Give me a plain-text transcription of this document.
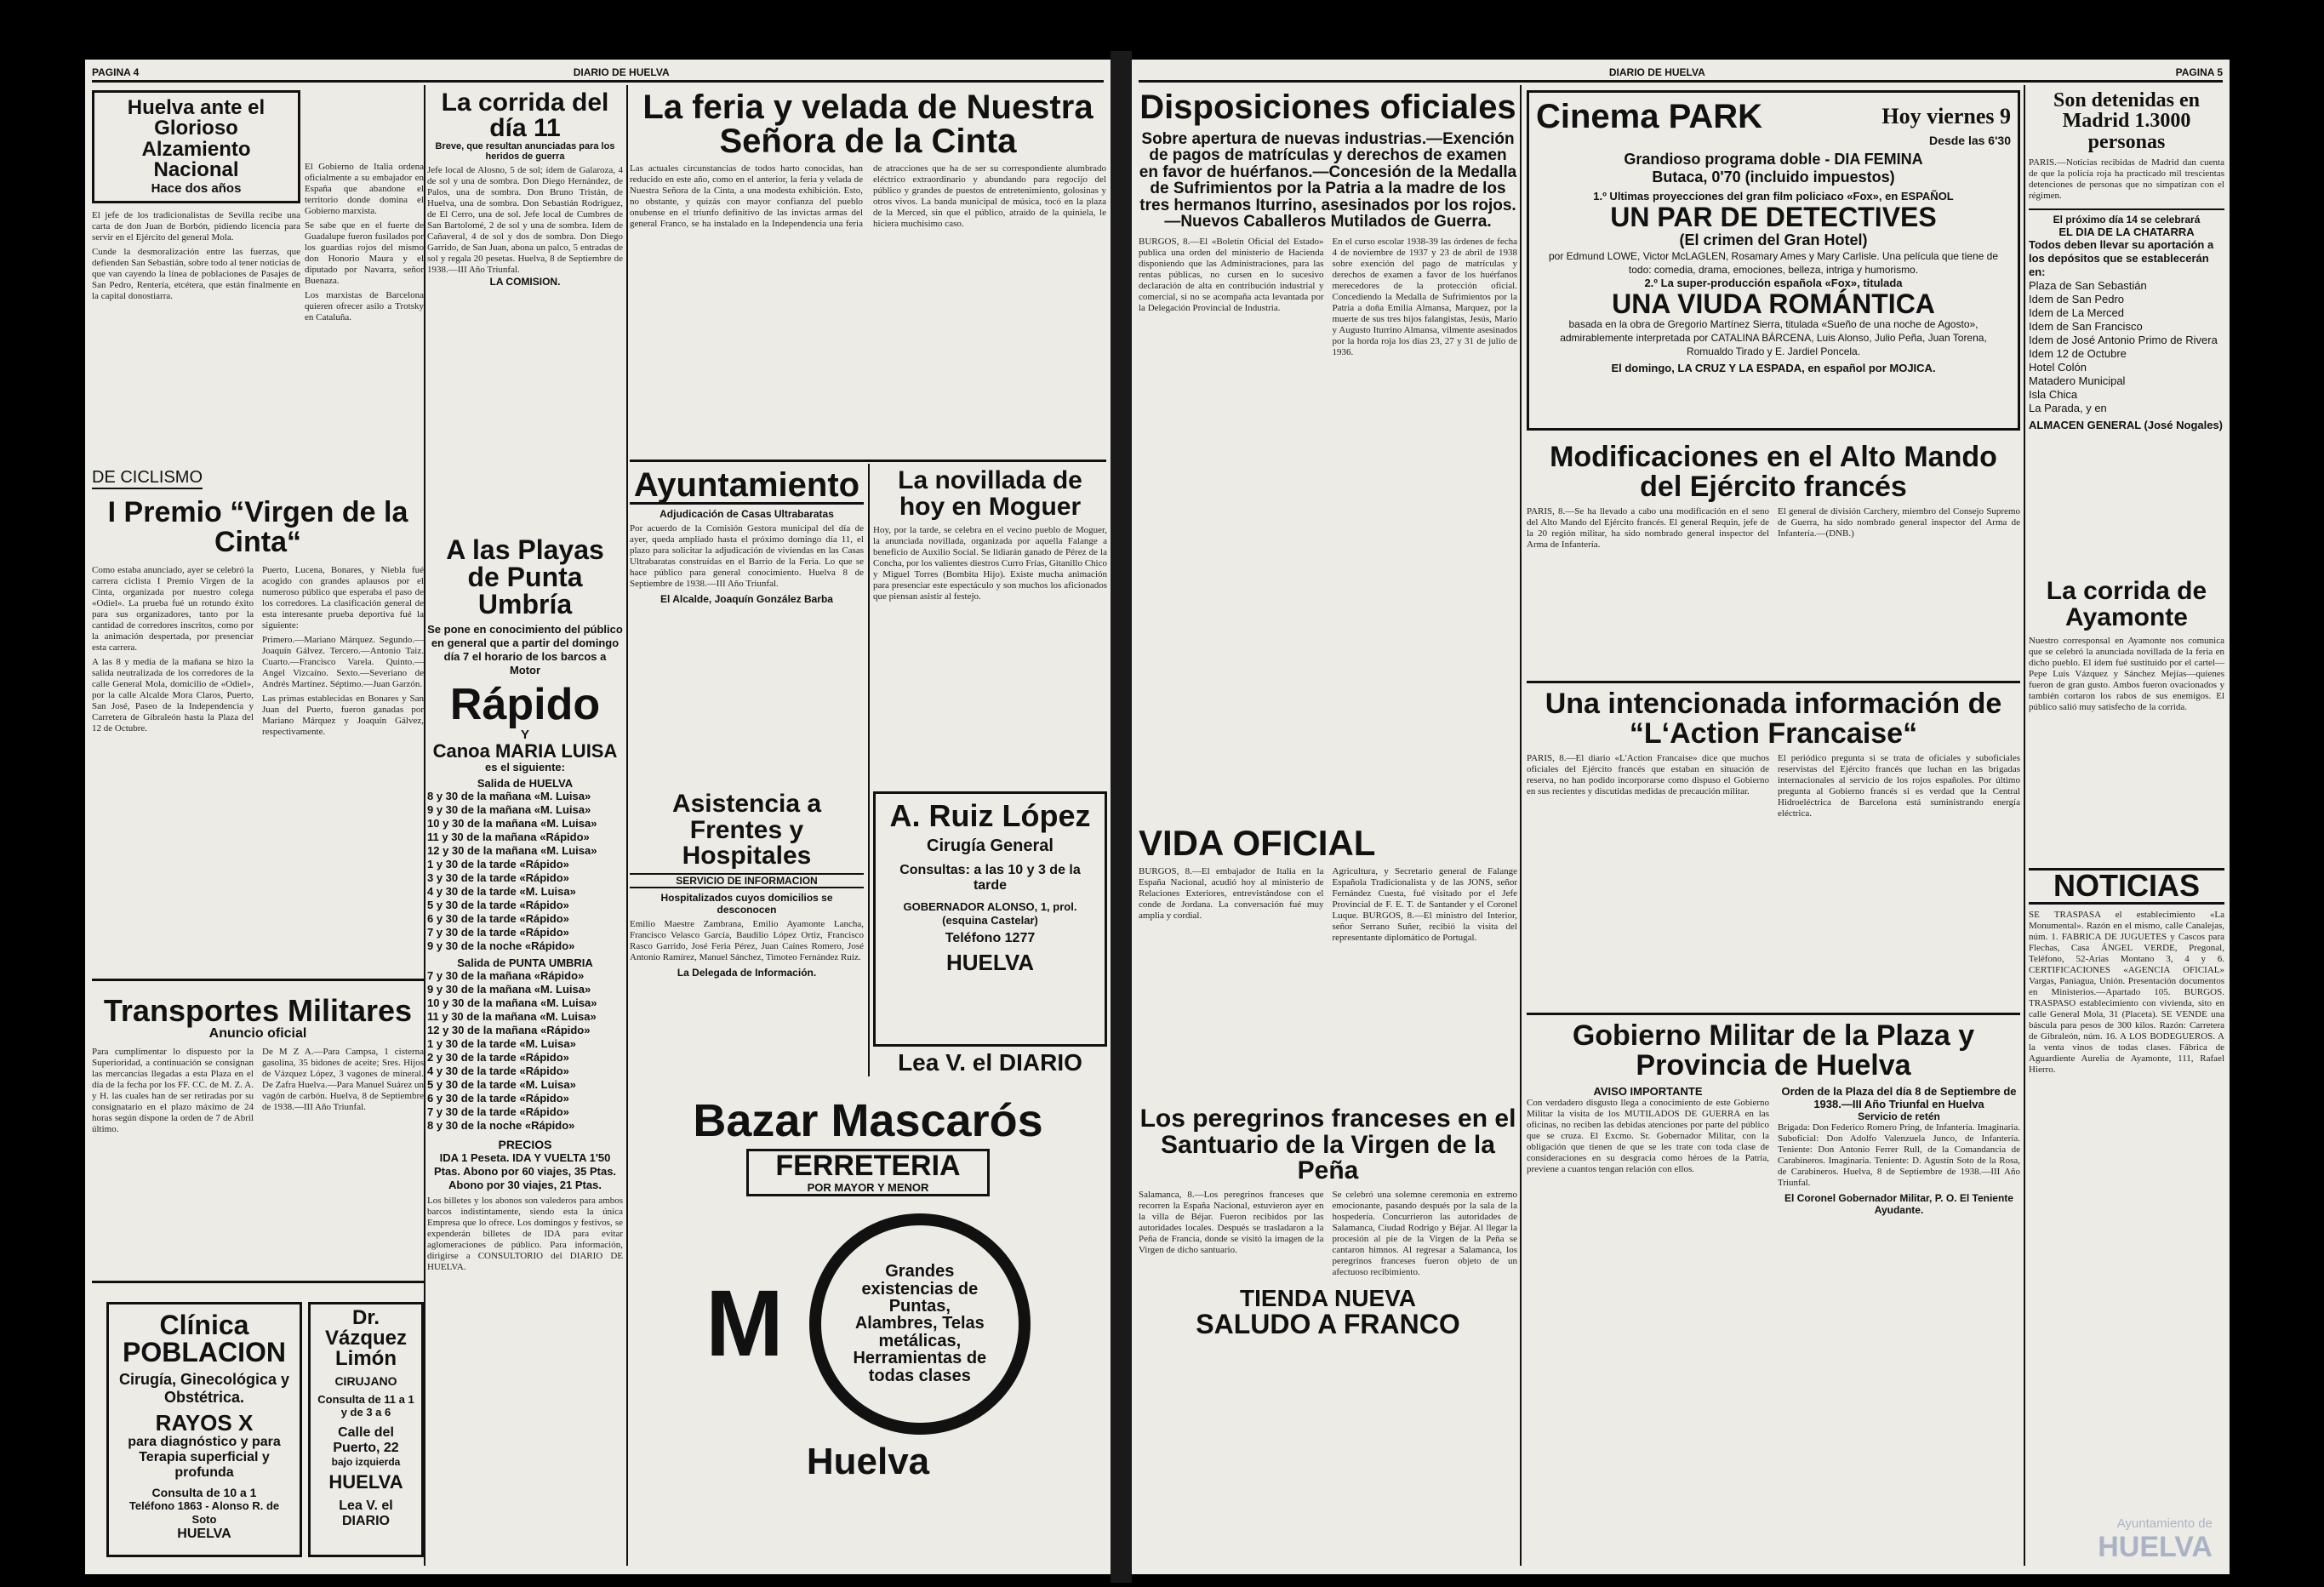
PAGINA 4	DIARIO DE HUELVA
Huelva ante el Glorioso Alzamiento Nacional
Hace dos años
El jefe de los tradicionalistas de Sevilla recibe una carta de don Juan de Borbón, pidiendo licencia para servir en el Ejército del general Mola.
Cunde la desmoralización entre las fuerzas, que defienden San Sebastián, sobre todo al tener noticias de que van cayendo la línea de poblaciones de Pasajes de San Pedro, Rentería, etcétera, que están finalmente en la capital donostiarra.
El Gobierno de Italia ordena oficialmente a su embajador en España que abandone el territorio donde domina el Gobierno marxista.
Se sabe que en el fuerte de Guadalupe fueron fusilados por los guardias rojos del mismo don Honorio Maura y el diputado por Navarra, señor Buenaza.
Los marxistas de Barcelona quieren ofrecer asilo a Trotsky en Cataluña.
La corrida del día 11
Breve, que resultan anunciadas para los heridos de guerra
Jefe local de Alosno, 5 de sol; ídem de Galaroza, 4 de sol y una de sombra. Don Diego Hernández, de Palos, una de sombra. Don Bruno Tristán, de Huelva, una de sombra. Don Sebastián Rodríguez, de El Cerro, una de sol. Jefe local de Cumbres de San Bartolomé, 2 de sol y una de sombra. Idem de Cañaveral, 4 de sol y dos de sombra. Don Diego Garrido, de San Juan, abona un palco, 5 entradas de sol y regala 20 pesetas. Huelva, 8 de Septiembre de 1938.—III Año Triunfal.
LA COMISION.
La feria y velada de Nuestra Señora de la Cinta
Las actuales circunstancias de todos harto conocidas, han reducido en este año, como en el anterior, la feria y velada de Nuestra Señora de la Cinta, a una modesta exhibición. Esto, no obstante, y quizás con mayor confianza del pueblo onubense en el triunfo definitivo de las invictas armas del general Franco, se ha instalado en la Independencia una feria de atracciones que ha de ser su correspondiente alumbrado eléctrico extraordinario y abundando para regocijo del público y grandes de puestos de entretenimiento, golosinas y otros vivos. La banda municipal de música, tocó en la plaza de la Merced, sin que el público, atraído de la quiniela, le hiciera muchísimo caso.
DE CICLISMO
I Premio “Virgen de la Cinta“
Como estaba anunciado, ayer se celebró la carrera ciclista I Premio Virgen de la Cinta, organizada por nuestro colega «Odiel». La prueba fué un rotundo éxito para sus organizadores, tanto por la cantidad de corredores inscritos, como por la animación despertada, por presenciar esta carrera.
A las 8 y media de la mañana se hizo la salida neutralizada de los corredores de la calle General Mola, domicilio de «Odiel», por la calle Alcalde Mora Claros, Puerto, San José, Paseo de la Independencia y Carretera de Gibraleón hasta la Plaza del 12 de Octubre.
Puerto, Lucena, Bonares, y Niebla fué acogido con grandes aplausos por el numeroso público que esperaba el paso de los corredores. La clasificación general de esta interesante prueba deportiva fué la siguiente:
Primero.—Mariano Márquez. Segundo.—Joaquín Gálvez. Tercero.—Antonio Taiz. Cuarto.—Francisco Varela. Quinto.—Angel Vizcaíno. Sexto.—Severiano de Andrés Martínez. Séptimo.—Juan Garzón.
Las primas establecidas en Bonares y San Juan del Puerto, fueron ganadas por Mariano Márquez y Joaquín Gálvez, respectivamente.
A las Playas de Punta Umbría
Se pone en conocimiento del público en general que a partir del domingo día 7 el horario de los barcos a Motor
Rápido
Y
Canoa MARIA LUISA
es el siguiente:
Salida de HUELVA
8 y 30 de la mañana «M. Luisa»
9 y 30 de la mañana «M. Luisa»
10 y 30 de la mañana «M. Luisa»
11 y 30 de la mañana «Rápido»
12 y 30 de la mañana «M. Luisa»
1 y 30 de la tarde «Rápido»
3 y 30 de la tarde «Rápido»
4 y 30 de la tarde «M. Luisa»
5 y 30 de la tarde «Rápido»
6 y 30 de la tarde «Rápido»
7 y 30 de la tarde «Rápido»
9 y 30 de la noche «Rápido»
Salida de PUNTA UMBRIA
7 y 30 de la mañana «Rápido»
9 y 30 de la mañana «M. Luisa»
10 y 30 de la mañana «M. Luisa»
11 y 30 de la mañana «M. Luisa»
12 y 30 de la mañana «Rápido»
1 y 30 de la tarde «M. Luisa»
2 y 30 de la tarde «Rápido»
4 y 30 de la tarde «Rápido»
5 y 30 de la tarde «M. Luisa»
6 y 30 de la tarde «Rápido»
7 y 30 de la tarde «Rápido»
8 y 30 de la noche «Rápido»
PRECIOS
IDA 1 Peseta. IDA Y VUELTA 1'50 Ptas. Abono por 60 viajes, 35 Ptas. Abono por 30 viajes, 21 Ptas.
Los billetes y los abonos son valederos para ambos barcos indistintamente, siendo esta la única Empresa que lo ofrece. Los domingos y festivos, se expenderán billetes de IDA para evitar aglomeraciones de público. Para información, dirigirse a CONSULTORIO del DIARIO DE HUELVA.
Ayuntamiento
Adjudicación de Casas Ultrabaratas
Por acuerdo de la Comisión Gestora municipal del día de ayer, queda ampliado hasta el próximo domingo día 11, el plazo para solicitar la adjudicación de viviendas en las Casas Ultrabaratas construídas en el Barrio de la Feria. Lo que se hace público para general conocimiento. Huelva 8 de Septiembre de 1938.—III Año Triunfal.
El Alcalde, Joaquín González Barba
La novillada de hoy en Moguer
Hoy, por la tarde, se celebra en el vecino pueblo de Moguer, la anunciada novillada, organizada por aquella Falange a beneficio de Auxilio Social. Se lidiarán ganado de Pérez de la Concha, por los valientes diestros Curro Frías, Gitanillo Chico y Miguel Torres (Bombita Hijo). Existe mucha animación para presenciar este espectáculo y son muchos los aficionados que piensan asistir al festejo.
Asistencia a Frentes y Hospitales
SERVICIO DE INFORMACION
Hospitalizados cuyos domicilios se desconocen
Emilio Maestre Zambrana, Emilio Ayamonte Lancha, Francisco Velasco García, Baudilio López Ortiz, Francisco Rasco Garrido, José Feria Pérez, Juan Caínes Romero, José Antonio Ramírez, Manuel Sánchez, Timoteo Fernández Ruiz.
La Delegada de Información.
A. Ruiz López
Cirugía General
Consultas: a las 10 y 3 de la tarde
GOBERNADOR ALONSO, 1, prol. (esquina Castelar)
Teléfono 1277
HUELVA
Lea V. el DIARIO
Bazar Mascarós
FERRETERIA
POR MAYOR Y MENOR
M	Grandes existencias de Puntas, Alambres, Telas metálicas, Herramientas de todas clases
Huelva
Transportes Militares
Anuncio oficial
Para cumplimentar lo dispuesto por la Superioridad, a continuación se consignan las mercancías llegadas a esta Plaza en el día de la fecha por los FF. CC. de M. Z. A. y H. las cuales han de ser retiradas por su consignatario en el plazo máximo de 24 horas según dispone la orden de 7 de Abril último.
De M Z A.—Para Campsa, 1 cisterna gasolina, 35 bidones de aceite; Sres. Hijos de Vázquez López, 3 vagones de mineral. De Zafra Huelva.—Para Manuel Suárez un vagón de carbón. Huelva, 8 de Septiembre de 1938.—III Año Triunfal.
Clínica POBLACION
Cirugía, Ginecológica y Obstétrica.
RAYOS X
para diagnóstico y para Terapia superficial y profunda
Consulta de 10 a 1
Teléfono 1863 - Alonso R. de Soto
HUELVA
Dr. Vázquez Limón
CIRUJANO
Consulta de 11 a 1 y de 3 a 6
Calle del Puerto, 22
bajo izquierda
HUELVA
Lea V. el DIARIO
DIARIO DE HUELVA	PAGINA 5
Disposiciones oficiales
Sobre apertura de nuevas industrias.—Exención de pagos de matrículas y derechos de examen en favor de huérfanos.—Concesión de la Medalla de Sufrimientos por la Patria a la madre de los tres hermanos Iturrino, asesinados por los rojos.—Nuevos Caballeros Mutilados de Guerra.
BURGOS, 8.—El «Boletín Oficial del Estado» publica una orden del ministerio de Hacienda disponiendo que las Administraciones, para las rentas públicas, no cursen en lo sucesivo declaración de alta en contribución industrial y comercial, si no se acompaña acta levantada por la Delegación Provincial de Industria.
En el curso escolar 1938-39 las órdenes de fecha 4 de noviembre de 1937 y 23 de abril de 1938 sobre exención del pago de matrículas y derechos de examen a favor de los huérfanos merecedores de la protección oficial. Concediendo la Medalla de Sufrimientos por la Patria a doña Emilia Almansa, Marquez, por la muerte de sus tres hijos falangistas, Jesús, Mario y Augusto Iturrino Almansa, vilmente asesinados por la horda roja los días 23, 27 y 31 de julio de 1936.
VIDA OFICIAL
BURGOS, 8.—El embajador de Italia en la España Nacional, acudió hoy al ministerio de Relaciones Exteriores, entrevistándose con el conde de Jordana. La conversación fué muy amplia y cordial.
Agricultura, y Secretario general de Falange Española Tradicionalista y de las JONS, señor Fernández Cuesta, fué visitado por el Jefe Provincial de F. E. T. de Santander y el Coronel Luque. BURGOS, 8.—El ministro del Interior, señor Serrano Suñer, recibió la visita del representante diplomático de Portugal.
Los peregrinos franceses en el Santuario de la Virgen de la Peña
Salamanca, 8.—Los peregrinos franceses que recorren la España Nacional, estuvieron ayer en la villa de Béjar. Fueron recibidos por las autoridades locales. Después se trasladaron a la Peña de Francia, donde se visitó la imagen de la Virgen de dicho santuario.
Se celebró una solemne ceremonia en extremo emocionante, pasando después por la sala de la hospedería. Concurrieron las autoridades de Salamanca, Ciudad Rodrigo y Béjar. Al llegar la procesión al pie de la Virgen de la Peña se cantaron himnos. Al regresar a Salamanca, los peregrinos franceses fueron objeto de un afectuoso recibimiento.
TIENDA NUEVA
SALUDO A FRANCO
Cinema PARK	Hoy viernes 9
Desde las 6'30
Grandioso programa doble - DIA FEMINA
Butaca, 0'70 (incluido impuestos)
1.º Ultimas proyecciones del gran film policiaco «Fox», en ESPAÑOL
UN PAR DE DETECTIVES
(El crimen del Gran Hotel)
por Edmund LOWE, Victor McLAGLEN, Rosamary Ames y Mary Carlisle. Una película que tiene de todo: comedia, drama, emociones, belleza, intriga y humorismo.
2.º La super-producción española «Fox», titulada
UNA VIUDA ROMÁNTICA
basada en la obra de Gregorio Martínez Sierra, titulada «Sueño de una noche de Agosto», admirablemente interpretada por CATALINA BÁRCENA, Luis Alonso, Julio Peña, Juan Torena, Romualdo Tirado y E. Jardiel Poncela.
El domingo, LA CRUZ Y LA ESPADA, en español por MOJICA.
Modificaciones en el Alto Mando del Ejército francés
PARIS, 8.—Se ha llevado a cabo una modificación en el seno del Alto Mando del Ejército francés. El general Requin, jefe de la 20 región militar, ha sido nombrado general inspector del Arma de Infantería.
El general de división Carchery, miembro del Consejo Supremo de Guerra, ha sido nombrado general inspector del Arma de Infantería.—(DNB.)
Una intencionada información de “L‘Action Francaise“
PARIS, 8.—El diario «L'Action Francaise» dice que muchos oficiales del Ejército francés que estaban en situación de reserva, no han podido incorporarse como dispuso el Gobierno en sus recientes y discutidas medidas de precaución militar.
El periódico pregunta si se trata de oficiales y suboficiales reservistas del Ejército francés que luchan en las brigadas internacionales al servicio de los rojos españoles. Por último pregunta al Gobierno francés si es verdad que la Central Hidroeléctrica de Barcelona está suministrando energía eléctrica.
Gobierno Militar de la Plaza y Provincia de Huelva
AVISO IMPORTANTE
Con verdadero disgusto llega a conocimiento de este Gobierno Militar la visita de los MUTILADOS DE GUERRA en las oficinas, no reciben las debidas atenciones por parte del público que se cruza. El Excmo. Sr. Gobernador Militar, con la obligación que tienen de que se les trate con toda clase de consideraciones en su desgracia como héroes de la Patria, previene a cuantos tengan relación con ellos.
Orden de la Plaza del día 8 de Septiembre de 1938.—III Año Triunfal en Huelva
Servicio de retén
Brigada: Don Federico Romero Pring, de Infantería. Imaginaria. Suboficial: Don Adolfo Valenzuela Junco, de Infantería. Teniente: Don Antonio Ferrer Rull, de la Comandancia de Carabineros. Imaginaria. Teniente: D. Agustín Soto de la Rosa, de Carabineros. Huelva, 8 de Septiembre de 1938.—III Año Triunfal.
El Coronel Gobernador Militar, P. O. El Teniente Ayudante.
Son detenidas en Madrid 1.3000 personas
PARIS.—Noticias recibidas de Madrid dan cuenta de que la policía roja ha practicado mil trescientas detenciones de personas que no simpatizan con el régimen.
El próximo día 14 se celebrará
EL DIA DE LA CHATARRA
Todos deben llevar su aportación a los depósitos que se establecerán en:
Plaza de San Sebastián
Idem de San Pedro
Idem de La Merced
Idem de San Francisco
Idem de José Antonio Primo de Rivera
Idem 12 de Octubre
Hotel Colón
Matadero Municipal
Isla Chica
La Parada, y en
ALMACEN GENERAL (José Nogales)
La corrida de Ayamonte
Nuestro corresponsal en Ayamonte nos comunica que se celebró la anunciada novillada de la feria en dicho pueblo. El ídem fué sustituido por el cartel—Pepe Luis Vázquez y Sánchez Mejías—quienes fueron de gran gusto. Ambos fueron ovacionados y también cortaron los rabos de sus enemigos. El público salió muy satisfecho de la corrida.
NOTICIAS
SE TRASPASA el establecimiento «La Monumental». Razón en el mismo, calle Canalejas, núm. 1. FABRICA DE JUGUETES y Cascos para Flechas, Casa ÁNGEL VERDE, Pregonal, Teléfono, 52-Arias Montano 3, 4 y 6. CERTIFICACIONES «AGENCIA OFICIAL» Vargas, Paniagua, Unión. Presentación documentos en Ministerios.—Apartado 105. BURGOS. TRASPASO establecimiento con vivienda, sito en calle General Mola, 31 (Placeta). SE VENDE una báscula para pesos de 300 kilos. Razón: Carretera de Gibraleón, núm. 16. A LOS BODEGUEROS. A la venta vinos de todas clases. Fábrica de Aguardiente Aurelia de Ayamonte, 111, Rafael Hierro.
Ayuntamiento de
HUELVA
